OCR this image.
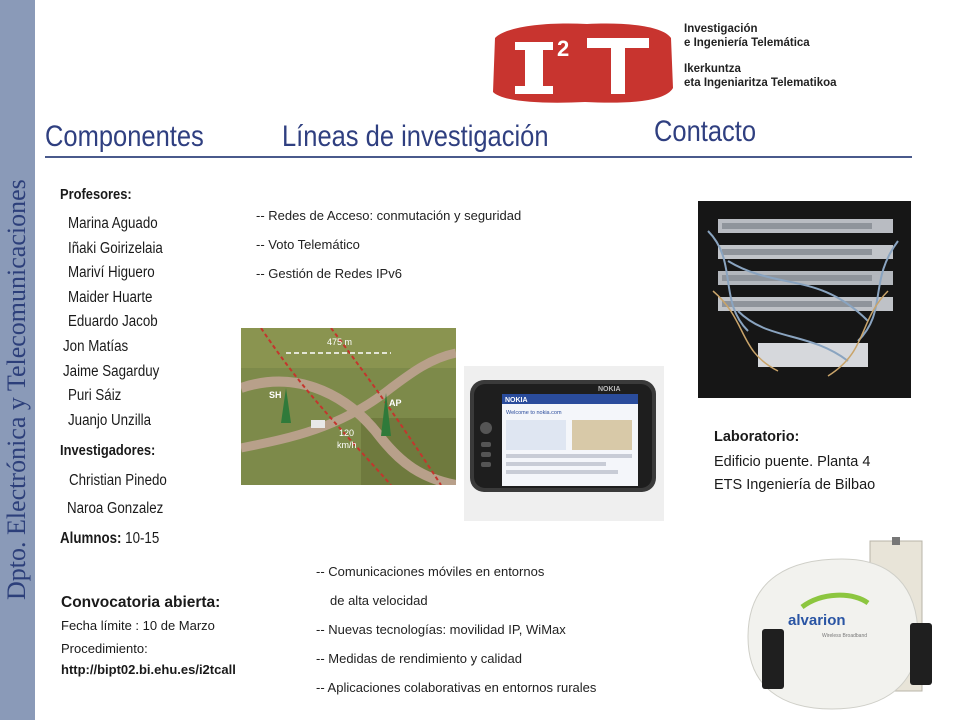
Dpto. Electrónica y Telecomunicaciones
2
Investigación
e Ingeniería Telemática
Ikerkuntza
eta Ingeniaritza Telematikoa
Componentes	Líneas de investigación	Contacto
Profesores:
Marina Aguado
Iñaki Goirizelaia
Mariví Higuero
Maider Huarte
Eduardo Jacob
Jon Matías
Jaime Sagarduy
Puri Sáiz
Juanjo Unzilla
Investigadores:
Christian Pinedo
Naroa Gonzalez
Alumnos: 10-15
Convocatoria abierta:
Fecha límite : 10 de Marzo
Procedimiento:
http://bipt02.bi.ehu.es/i2tcall
-- Redes de Acceso: conmutación y seguridad
-- Voto Telemático
-- Gestión de Redes IPv6
475 m
SH
AP
120
km/h
NOKIA
Welcome to nokia.com
NOKIA
Laboratorio:
Edificio puente. Planta 4
ETS Ingeniería de Bilbao
-- Comunicaciones móviles en entornos
de alta velocidad
-- Nuevas tecnologías: movilidad IP, WiMax
-- Medidas de rendimiento y calidad
-- Aplicaciones colaborativas en entornos rurales
alvarion
Wireless Broadband
